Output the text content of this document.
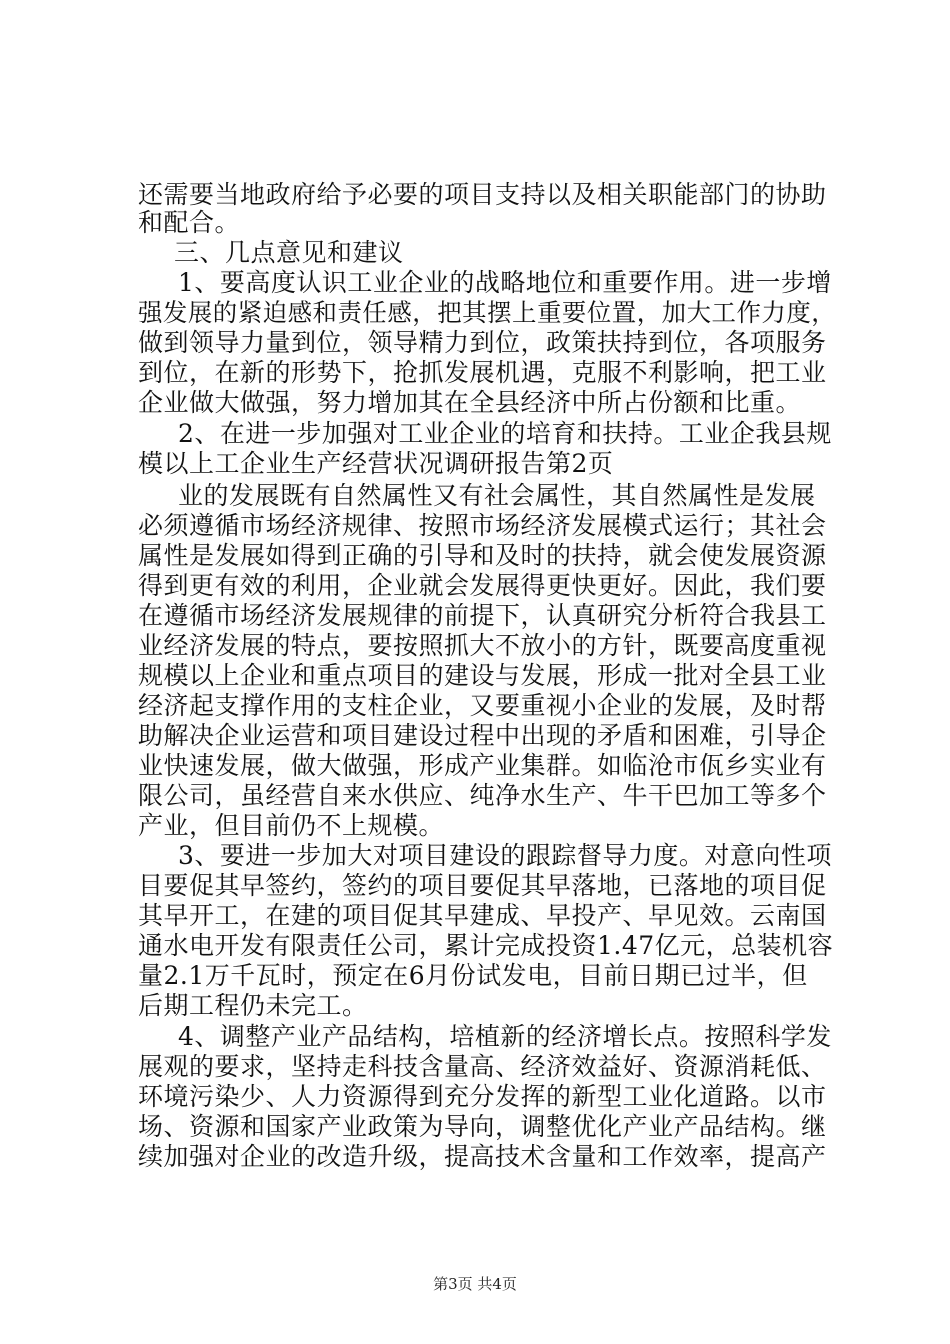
还需要当地政府给予必要的项目支持以及相关职能部门的协助
和配合。
三、几点意见和建议
1、要高度认识工业企业的战略地位和重要作用。进一步增
强发展的紧迫感和责任感，把其摆上重要位置，加大工作力度，
做到领导力量到位，领导精力到位，政策扶持到位，各项服务
到位，在新的形势下，抢抓发展机遇，克服不利影响，把工业
企业做大做强，努力增加其在全县经济中所占份额和比重。
2、在进一步加强对工业企业的培育和扶持。工业企我县规
模以上工企业生产经营状况调研报告第2页
业的发展既有自然属性又有社会属性，其自然属性是发展
必须遵循市场经济规律、按照市场经济发展模式运行；其社会
属性是发展如得到正确的引导和及时的扶持，就会使发展资源
得到更有效的利用，企业就会发展得更快更好。因此，我们要
在遵循市场经济发展规律的前提下，认真研究分析符合我县工
业经济发展的特点，要按照抓大不放小的方针，既要高度重视
规模以上企业和重点项目的建设与发展，形成一批对全县工业
经济起支撑作用的支柱企业，又要重视小企业的发展，及时帮
助解决企业运营和项目建设过程中出现的矛盾和困难，引导企
业快速发展，做大做强，形成产业集群。如临沧市佤乡实业有
限公司，虽经营自来水供应、纯净水生产、牛干巴加工等多个
产业，但目前仍不上规模。
3、要进一步加大对项目建设的跟踪督导力度。对意向性项
目要促其早签约，签约的项目要促其早落地，已落地的项目促
其早开工，在建的项目促其早建成、早投产、早见效。云南国
通水电开发有限责任公司，累计完成投资1.47亿元，总装机容
量2.1万千瓦时，预定在6月份试发电，目前日期已过半，但
后期工程仍未完工。
4、调整产业产品结构，培植新的经济增长点。按照科学发
展观的要求，坚持走科技含量高、经济效益好、资源消耗低、
环境污染少、人力资源得到充分发挥的新型工业化道路。以市
场、资源和国家产业政策为导向，调整优化产业产品结构。继
续加强对企业的改造升级，提高技术含量和工作效率，提高产
第3页 共4页
